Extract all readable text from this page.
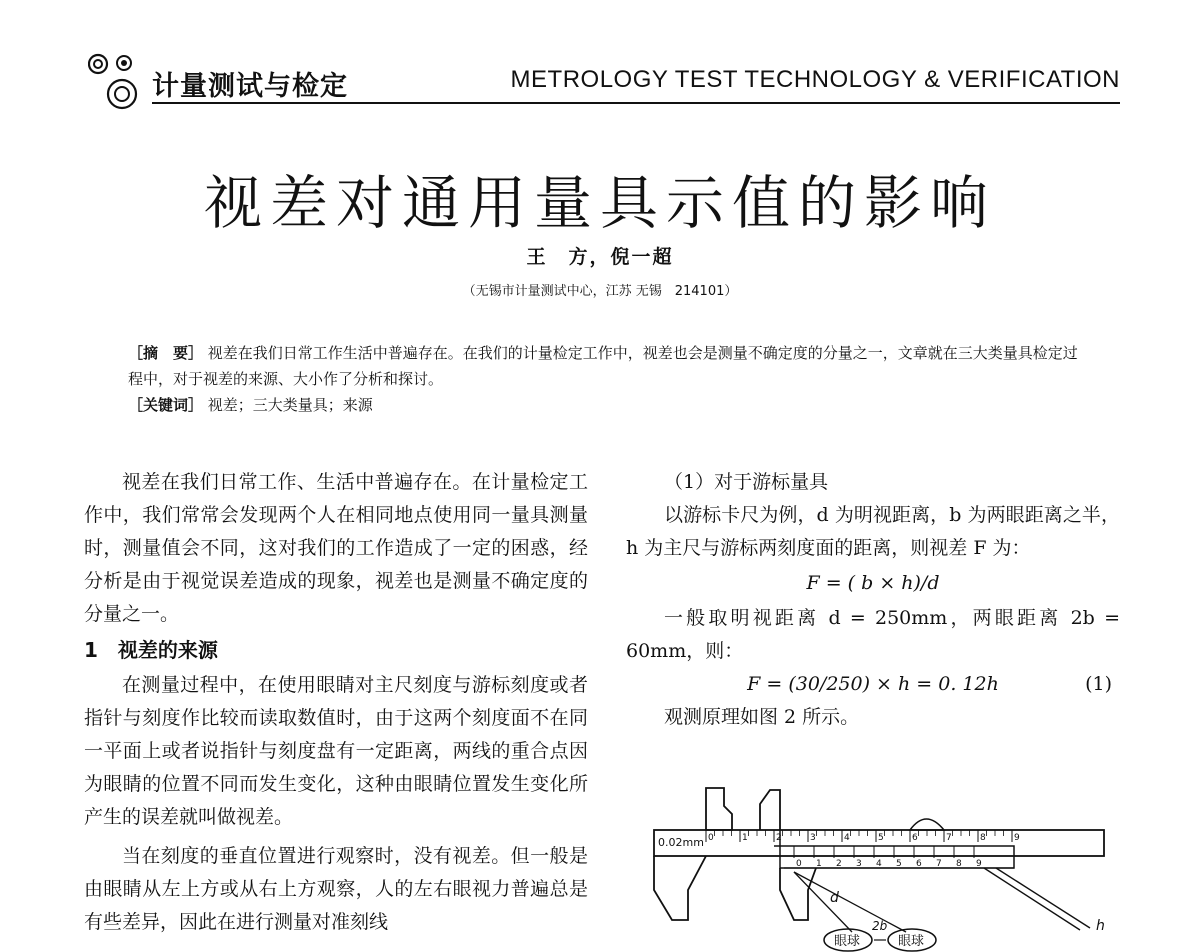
计量测试与检定	METROLOGY TEST TECHNOLOGY & VERIFICATION
视差对通用量具示值的影响
王　方，倪一超
（无锡市计量测试中心，江苏 无锡　214101）

［摘　要］ 视差在我们日常工作生活中普遍存在。在我们的计量检定工作中，视差也会是测量不确定度的分量之一，文章就在三大类量具检定过程中，对于视差的来源、大小作了分析和探讨。

［关键词］ 视差；三大类量具；来源

视差在我们日常工作、生活中普遍存在。在计量检定工作中，我们常常会发现两个人在相同地点使用同一量具测量时，测量值会不同，这对我们的工作造成了一定的困惑，经分析是由于视觉误差造成的现象，视差也是测量不确定度的分量之一。

1　视差的来源

在测量过程中，在使用眼睛对主尺刻度与游标刻度或者指针与刻度作比较而读取数值时，由于这两个刻度面不在同一平面上或者说指针与刻度盘有一定距离，两线的重合点因为眼睛的位置不同而发生变化，这种由眼睛位置发生变化所产生的误差就叫做视差。

当在刻度的垂直位置进行观察时，没有视差。但一般是由眼睛从左上方或从右上方观察，人的左右眼视力普遍总是有些差异，因此在进行测量对准刻线

（1）对于游标量具

以游标卡尺为例，d 为明视距离，b 为两眼距离之半，h 为主尺与游标两刻度面的距离，则视差 F 为：

F = ( b × h)/d

一般取明视距离 d = 250mm，两眼距离 2b = 60mm，则：

F = (30/250) × h = 0. 12h	(1)

观测原理如图 2 所示。

0.02mm 0	1	2	3	4	5	6	7	8	9
0 1 2 3 4 5 6 7 8 9
d
h
眼球	眼球
2b
